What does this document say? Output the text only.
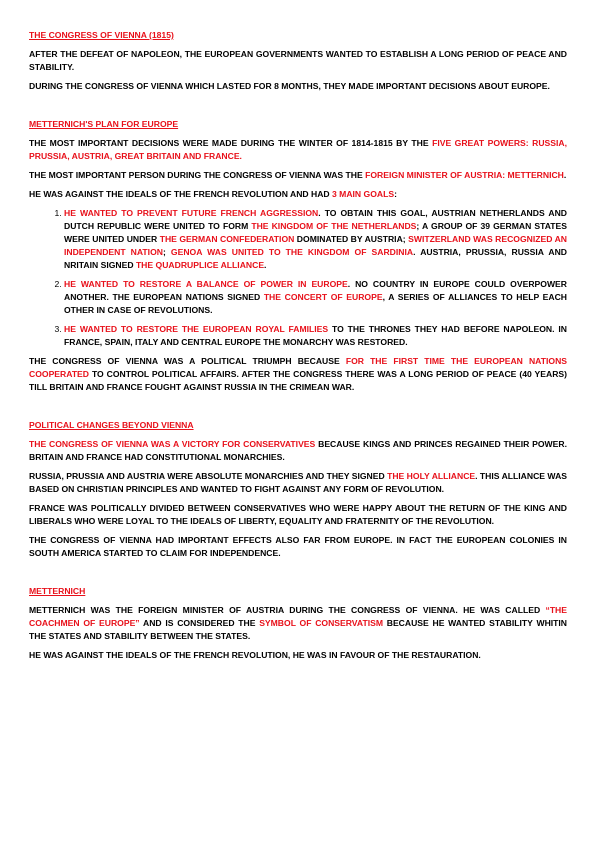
THE CONGRESS OF VIENNA (1815)

AFTER THE DEFEAT OF NAPOLEON, THE EUROPEAN GOVERNMENTS WANTED TO ESTABLISH A LONG PERIOD OF PEACE AND STABILITY.

DURING THE CONGRESS OF VIENNA WHICH LASTED FOR 8 MONTHS, THEY MADE IMPORTANT DECISIONS ABOUT EUROPE.

METTERNICH'S PLAN FOR EUROPE

THE MOST IMPORTANT DECISIONS WERE MADE DURING THE WINTER OF 1814-1815 BY THE FIVE GREAT POWERS: RUSSIA, PRUSSIA, AUSTRIA, GREAT BRITAIN AND FRANCE.

THE MOST IMPORTANT PERSON DURING THE CONGRESS OF VIENNA WAS THE FOREIGN MINISTER OF AUSTRIA: METTERNICH.

HE WAS AGAINST THE IDEALS OF THE FRENCH REVOLUTION AND HAD 3 MAIN GOALS:

1. HE WANTED TO PREVENT FUTURE FRENCH AGGRESSION. TO OBTAIN THIS GOAL, AUSTRIAN NETHERLANDS AND DUTCH REPUBLIC WERE UNITED TO FORM THE KINGDOM OF THE NETHERLANDS; A GROUP OF 39 GERMAN STATES WERE UNITED UNDER THE GERMAN CONFEDERATION DOMINATED BY AUSTRIA; SWITZERLAND WAS RECOGNIZED AN INDEPENDENT NATION; GENOA WAS UNITED TO THE KINGDOM OF SARDINIA. AUSTRIA, PRUSSIA, RUSSIA AND NRITAIN SIGNED THE QUADRUPLICE ALLIANCE.
2. HE WANTED TO RESTORE A BALANCE OF POWER IN EUROPE. NO COUNTRY IN EUROPE COULD OVERPOWER ANOTHER. THE EUROPEAN NATIONS SIGNED THE CONCERT OF EUROPE, A SERIES OF ALLIANCES TO HELP EACH OTHER IN CASE OF REVOLUTIONS.
3. HE WANTED TO RESTORE THE EUROPEAN ROYAL FAMILIES TO THE THRONES THEY HAD BEFORE NAPOLEON. IN FRANCE, SPAIN, ITALY AND CENTRAL EUROPE THE MONARCHY WAS RESTORED.

THE CONGRESS OF VIENNA WAS A POLITICAL TRIUMPH BECAUSE FOR THE FIRST TIME THE EUROPEAN NATIONS COOPERATED TO CONTROL POLITICAL AFFAIRS. AFTER THE CONGRESS THERE WAS A LONG PERIOD OF PEACE (40 YEARS) TILL BRITAIN AND FRANCE FOUGHT AGAINST RUSSIA IN THE CRIMEAN WAR.

POLITICAL CHANGES BEYOND VIENNA

THE CONGRESS OF VIENNA WAS A VICTORY FOR CONSERVATIVES BECAUSE KINGS AND PRINCES REGAINED THEIR POWER. BRITAIN AND FRANCE HAD CONSTITUTIONAL MONARCHIES.

RUSSIA, PRUSSIA AND AUSTRIA WERE ABSOLUTE MONARCHIES AND THEY SIGNED THE HOLY ALLIANCE. THIS ALLIANCE WAS BASED ON CHRISTIAN PRINCIPLES AND WANTED TO FIGHT AGAINST ANY FORM OF REVOLUTION.

FRANCE WAS POLITICALLY DIVIDED BETWEEN CONSERVATIVES WHO WERE HAPPY ABOUT THE RETURN OF THE KING AND LIBERALS WHO WERE LOYAL TO THE IDEALS OF LIBERTY, EQUALITY AND FRATERNITY OF THE REVOLUTION.

THE CONGRESS OF VIENNA HAD IMPORTANT EFFECTS ALSO FAR FROM EUROPE. IN FACT THE EUROPEAN COLONIES IN SOUTH AMERICA STARTED TO CLAIM FOR INDEPENDENCE.

METTERNICH

METTERNICH WAS THE FOREIGN MINISTER OF AUSTRIA DURING THE CONGRESS OF VIENNA. HE WAS CALLED “THE COACHMEN OF EUROPE” AND IS CONSIDERED THE SYMBOL OF CONSERVATISM BECAUSE HE WANTED STABILITY WHITIN THE STATES AND STABILITY BETWEEN THE STATES.

HE WAS AGAINST THE IDEALS OF THE FRENCH REVOLUTION, HE WAS IN FAVOUR OF THE RESTAURATION.
